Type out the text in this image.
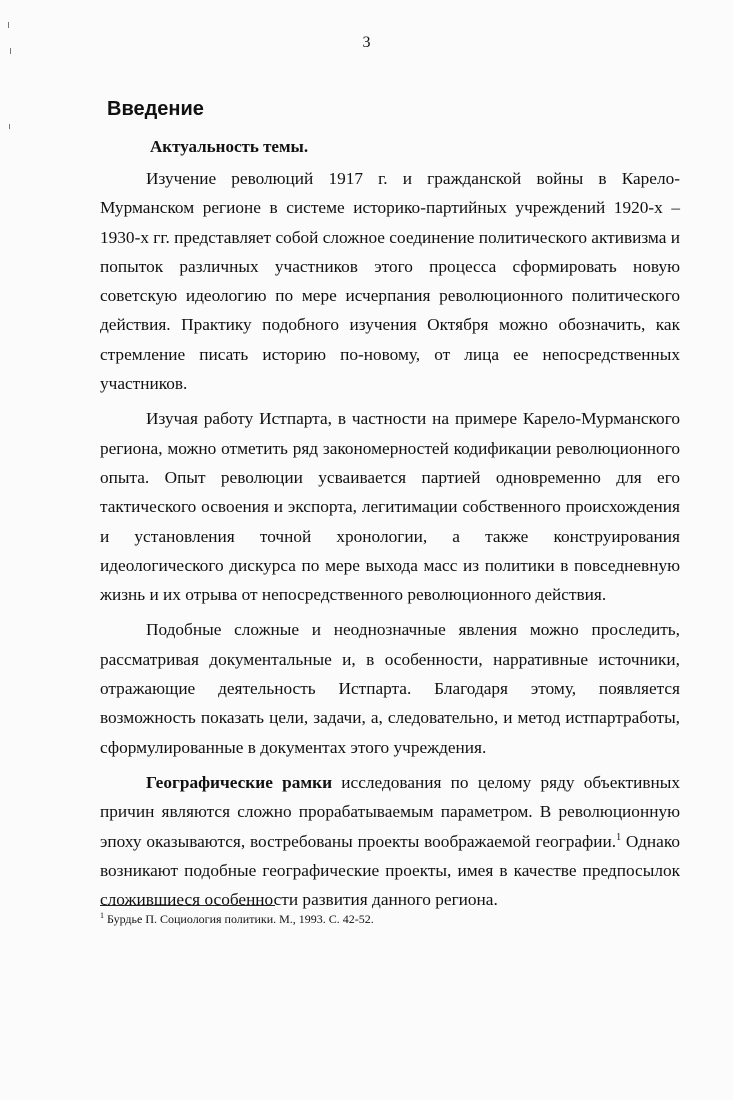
3
Введение
Актуальность темы.

Изучение революций 1917 г. и гражданской войны в Карело-Мурманском регионе в системе историко-партийных учреждений 1920-х – 1930-х гг. представляет собой сложное соединение политического активизма и попыток различных участников этого процесса сформировать новую советскую идеологию по мере исчерпания революционного политического действия. Практику подобного изучения Октября можно обозначить, как стремление писать историю по-новому, от лица ее непосредственных участников.

Изучая работу Истпарта, в частности на примере Карело-Мурманского региона, можно отметить ряд закономерностей кодификации революционного опыта. Опыт революции усваивается партией одновременно для его тактического освоения и экспорта, легитимации собственного происхождения и установления точной хронологии, а также конструирования идеологического дискурса по мере выхода масс из политики в повседневную жизнь и их отрыва от непосредственного революционного действия.

Подобные сложные и неоднозначные явления можно проследить, рассматривая документальные и, в особенности, нарративные источники, отражающие деятельность Истпарта. Благодаря этому, появляется возможность показать цели, задачи, а, следовательно, и метод истпартработы, сформулированные в документах этого учреждения.

Географические рамки исследования по целому ряду объективных причин являются сложно прорабатываемым параметром. В революционную эпоху оказываются, востребованы проекты воображаемой географии.$^1$ Однако возникают подобные географические проекты, имея в качестве предпосылок сложившиеся особенности развития данного региона.

$^1$ Бурдье П. Социология политики. М., 1993. С. 42-52.
